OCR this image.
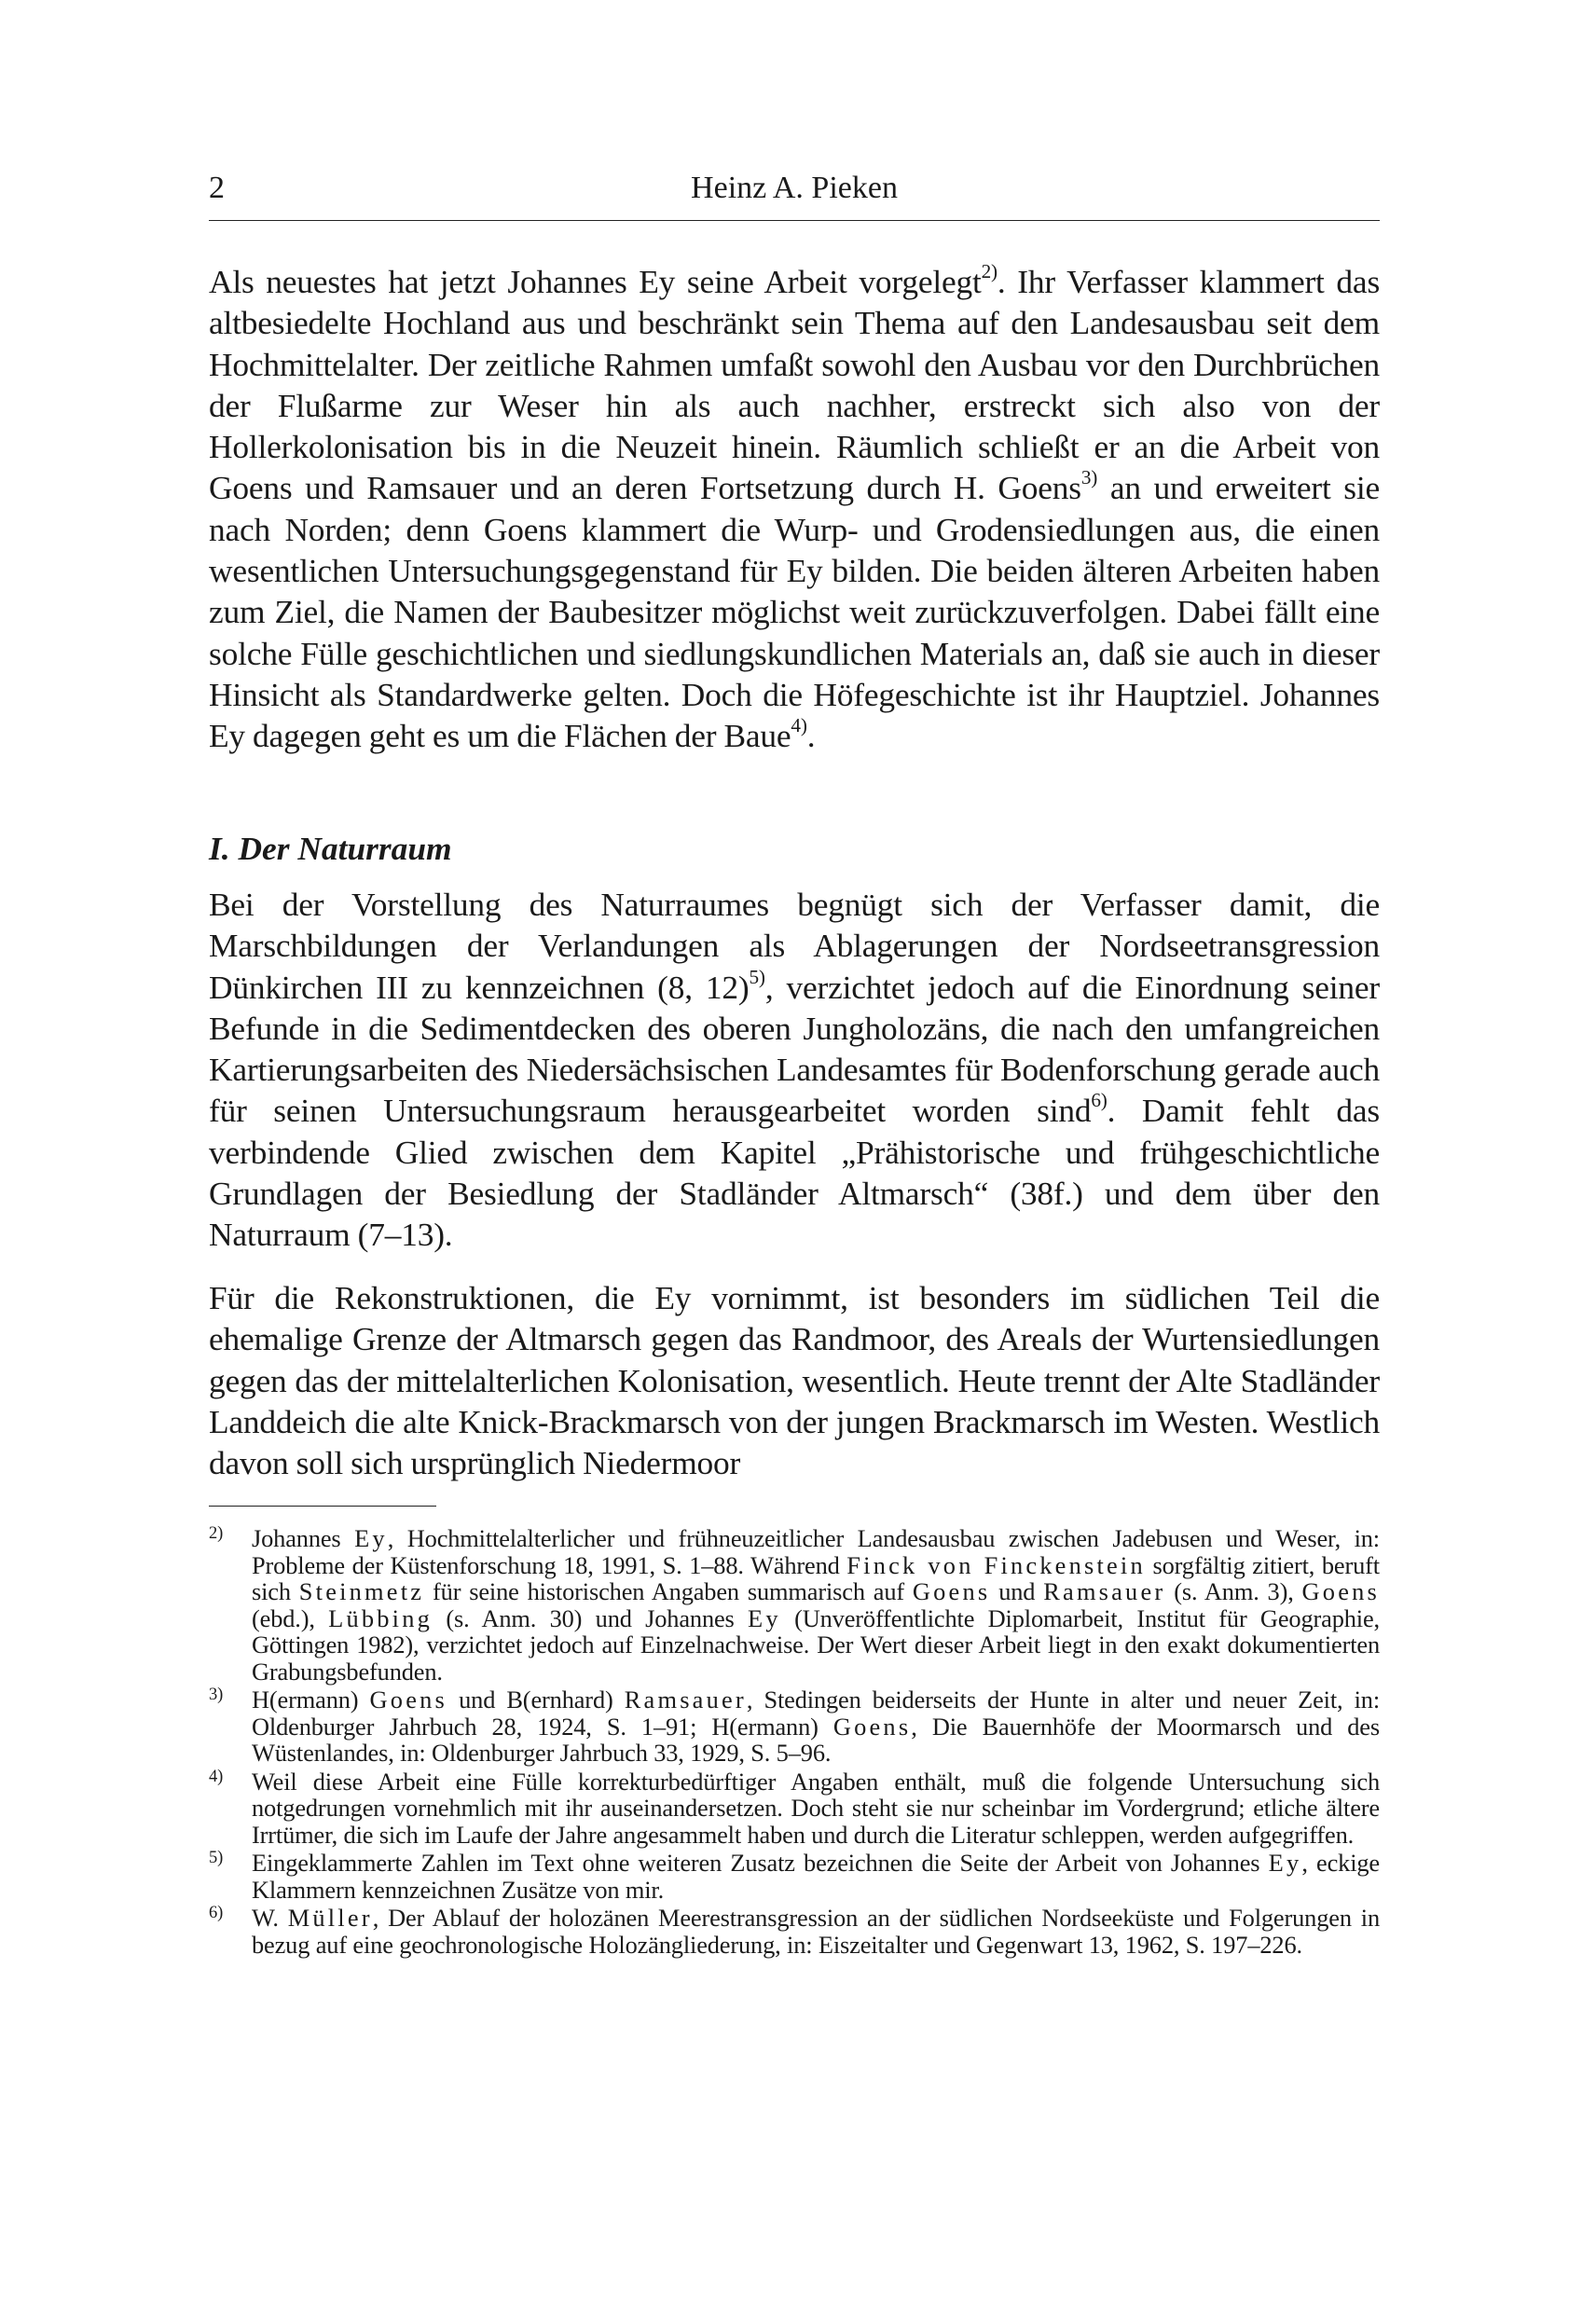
2	Heinz A. Pieken

Als neuestes hat jetzt Johannes Ey seine Arbeit vorgelegt$^{2)}$. Ihr Verfasser klammert das altbesiedelte Hochland aus und beschränkt sein Thema auf den Landesausbau seit dem Hochmittelalter. Der zeitliche Rahmen umfaßt sowohl den Ausbau vor den Durchbrüchen der Flußarme zur Weser hin als auch nachher, erstreckt sich also von der Hollerkolonisation bis in die Neuzeit hinein. Räumlich schließt er an die Arbeit von Goens und Ramsauer und an deren Fortsetzung durch H. Goens$^{3)}$ an und erweitert sie nach Norden; denn Goens klammert die Wurp- und Grodensiedlungen aus, die einen wesentlichen Untersuchungsgegenstand für Ey bilden. Die beiden älteren Arbeiten haben zum Ziel, die Namen der Baubesitzer möglichst weit zurückzuverfolgen. Dabei fällt eine solche Fülle geschichtlichen und siedlungskundlichen Materials an, daß sie auch in dieser Hinsicht als Standardwerke gelten. Doch die Höfegeschichte ist ihr Hauptziel. Johannes Ey dagegen geht es um die Flächen der Baue$^{4)}$.

I. Der Naturraum

Bei der Vorstellung des Naturraumes begnügt sich der Verfasser damit, die Marschbildungen der Verlandungen als Ablagerungen der Nordseetransgression Dünkirchen III zu kennzeichnen (8, 12)$^{5)}$, verzichtet jedoch auf die Einordnung seiner Befunde in die Sedimentdecken des oberen Jungholozäns, die nach den umfangreichen Kartierungsarbeiten des Niedersächsischen Landesamtes für Bodenforschung gerade auch für seinen Untersuchungsraum herausgearbeitet worden sind$^{6)}$. Damit fehlt das verbindende Glied zwischen dem Kapitel „Prähistorische und frühgeschichtliche Grundlagen der Besiedlung der Stadländer Altmarsch“ (38f.) und dem über den Naturraum (7–13).

Für die Rekonstruktionen, die Ey vornimmt, ist besonders im südlichen Teil die ehemalige Grenze der Altmarsch gegen das Randmoor, des Areals der Wurtensiedlungen gegen das der mittelalterlichen Kolonisation, wesentlich. Heute trennt der Alte Stadländer Landdeich die alte Knick-Brackmarsch von der jungen Brackmarsch im Westen. Westlich davon soll sich ursprünglich Niedermoor

$^{2)}$	Johannes Ey, Hochmittelalterlicher und frühneuzeitlicher Landesausbau zwischen Jadebusen und Weser, in: Probleme der Küstenforschung 18, 1991, S. 1–88. Während Finck von Finckenstein sorgfältig zitiert, beruft sich Steinmetz für seine historischen Angaben summarisch auf Goens und Ramsauer (s. Anm. 3), Goens (ebd.), Lübbing (s. Anm. 30) und Johannes Ey (Unveröffentlichte Diplomarbeit, Institut für Geographie, Göttingen 1982), verzichtet jedoch auf Einzelnachweise. Der Wert dieser Arbeit liegt in den exakt dokumentierten Grabungsbefunden.
$^{3)}$	H(ermann) Goens und B(ernhard) Ramsauer, Stedingen beiderseits der Hunte in alter und neuer Zeit, in: Oldenburger Jahrbuch 28, 1924, S. 1–91; H(ermann) Goens, Die Bauernhöfe der Moormarsch und des Wüstenlandes, in: Oldenburger Jahrbuch 33, 1929, S. 5–96.
$^{4)}$	Weil diese Arbeit eine Fülle korrekturbedürftiger Angaben enthält, muß die folgende Untersuchung sich notgedrungen vornehmlich mit ihr auseinandersetzen. Doch steht sie nur scheinbar im Vordergrund; etliche ältere Irrtümer, die sich im Laufe der Jahre angesammelt haben und durch die Literatur schleppen, werden aufgegriffen.
$^{5)}$	Eingeklammerte Zahlen im Text ohne weiteren Zusatz bezeichnen die Seite der Arbeit von Johannes Ey, eckige Klammern kennzeichnen Zusätze von mir.
$^{6)}$	W. Müller, Der Ablauf der holozänen Meerestransgression an der südlichen Nordseeküste und Folgerungen in bezug auf eine geochronologische Holozängliederung, in: Eiszeitalter und Gegenwart 13, 1962, S. 197–226.
